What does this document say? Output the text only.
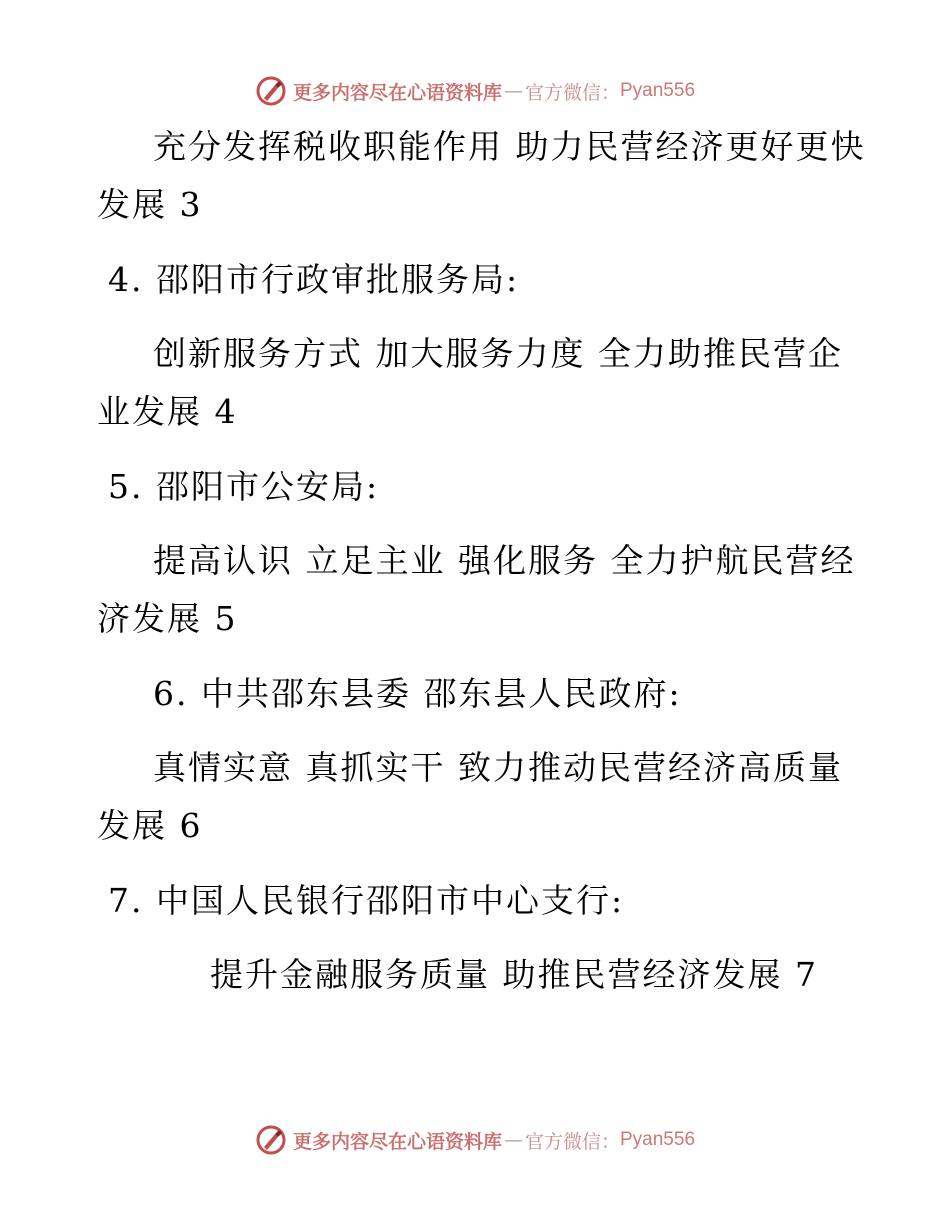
更多内容尽在心语资料库 — 官方微信： Pyan556
充分发挥税收职能作用 助力民营经济更好更快
发展 3
4. 邵阳市行政审批服务局:
创新服务方式 加大服务力度 全力助推民营企
业发展 4
5. 邵阳市公安局:
提高认识 立足主业 强化服务 全力护航民营经
济发展 5
6. 中共邵东县委 邵东县人民政府:
真情实意 真抓实干 致力推动民营经济高质量
发展 6
7. 中国人民银行邵阳市中心支行:
提升金融服务质量 助推民营经济发展 7
更多内容尽在心语资料库 — 官方微信： Pyan556
